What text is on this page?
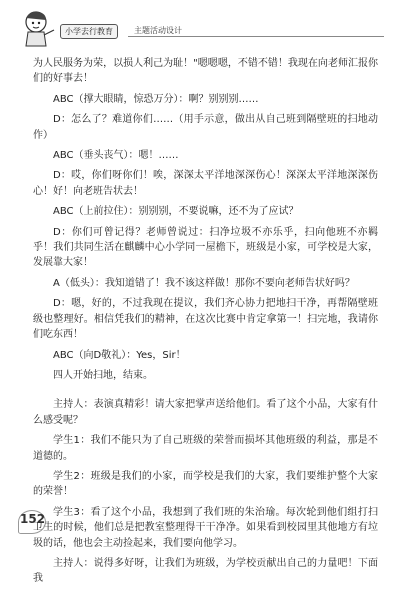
小学去行教育	主题活动设计

为人民服务为荣，以损人利己为耻！"嗯嗯嗯，不错不错！我现在向老师汇报你们的好事去！

ABC（撑大眼睛，惊恐万分）：啊？别别别……

D：怎么了？难道你们……（用手示意，做出从自己班到隔壁班的扫地动作）

ABC（垂头丧气）：嗯！……

D：哎，你们呀你们！唉，深深太平洋地深深伤心！深深太平洋地深深伤心！好！向老班告状去！

ABC（上前拉住）：别别别，不要说嘛，还不为了应试？

D：你们可曾记得？老师曾说过：扫净垃圾不亦乐乎，扫向他班不亦羁乎！我们共同生活在麒麟中心小学同一屋檐下，班级是小家，可学校是大家，发展靠大家！

A（低头）：我知道错了！我不该这样做！那你不要向老师告状好吗？

D：嗯，好的，不过我现在提议，我们齐心协力把地扫干净，再帮隔壁班级也整理好。相信凭我们的精神，在这次比赛中肯定拿第一！扫完地，我请你们吃东西！

ABC（向D敬礼）：Yes，Sir！

四人开始扫地，结束。

主持人：表演真精彩！请大家把掌声送给他们。看了这个小品，大家有什么感受呢？

学生1：我们不能只为了自己班级的荣誉而损坏其他班级的利益，那是不道德的。

学生2：班级是我们的小家，而学校是我们的大家，我们要维护整个大家的荣誉！

学生3：看了这个小品，我想到了我们班的朱治瑜。每次轮到他们组打扫卫生的时候，他们总是把教室整理得干干净净。如果看到校园里其他地方有垃圾的话，他也会主动捡起来，我们要向他学习。

主持人：说得多好呀，让我们为班级，为学校贡献出自己的力量吧！下面我

152
